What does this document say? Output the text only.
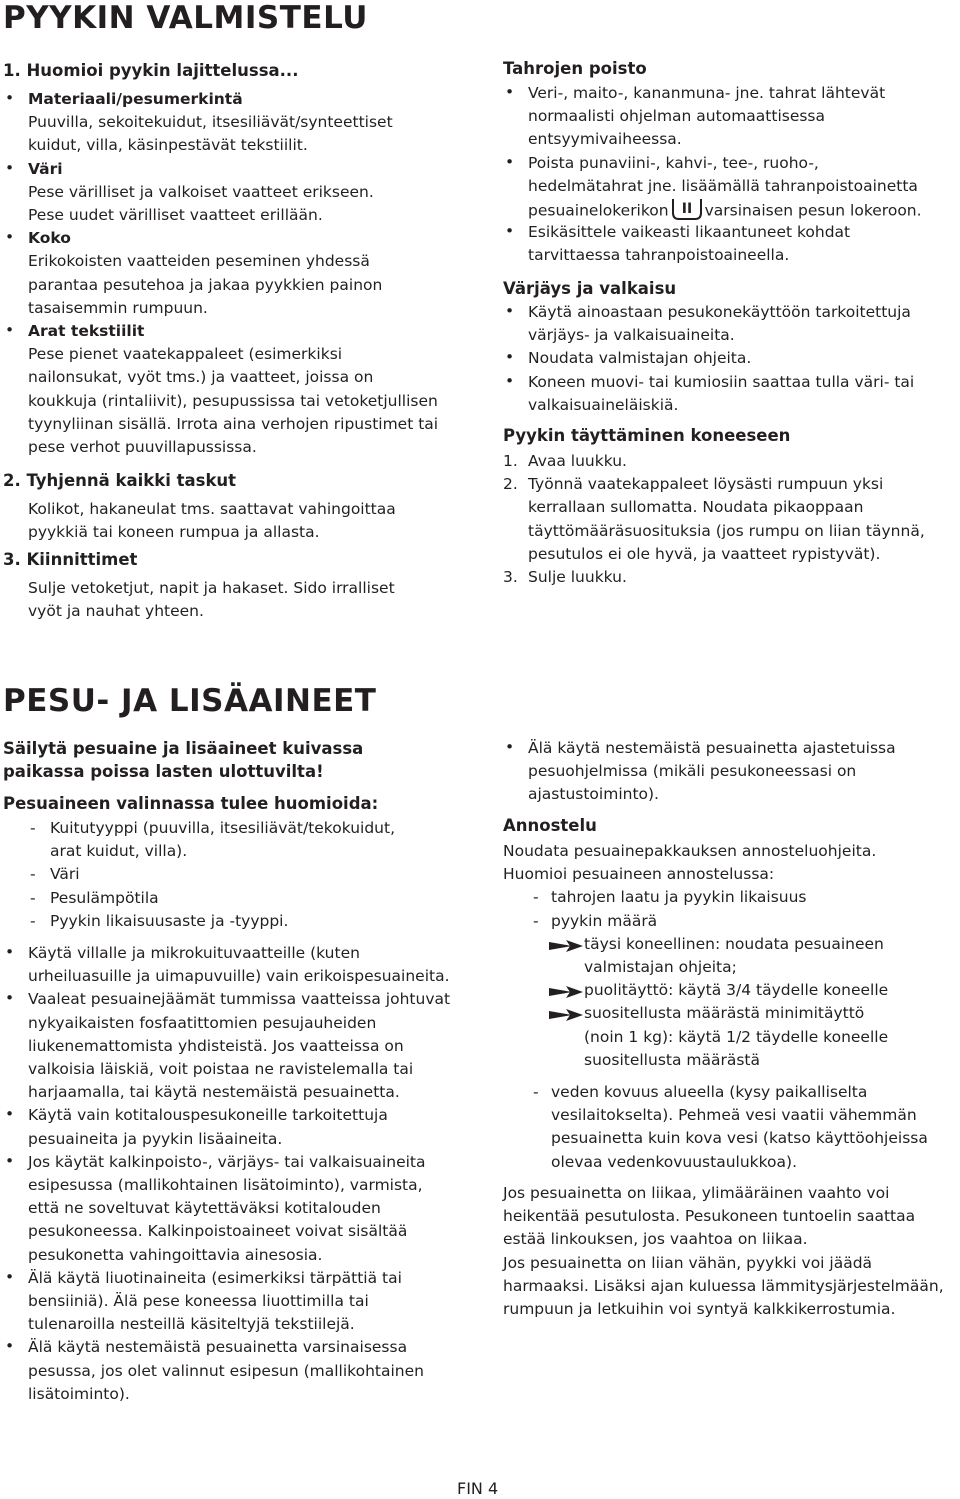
PYYKIN VALMISTELU
1. Huomioi pyykin lajittelussa...
• Materiaali/pesumerkintä
Puuvilla, sekoitekuidut, itsesiliävät/synteettiset
kuidut, villa, käsinpestävät tekstiilit.
• Väri
Pese värilliset ja valkoiset vaatteet erikseen.
Pese uudet värilliset vaatteet erillään.
• Koko
Erikokoisten vaatteiden peseminen yhdessä
parantaa pesutehoa ja jakaa pyykkien painon
tasaisemmin rumpuun.
• Arat tekstiilit
Pese pienet vaatekappaleet (esimerkiksi
nailonsukat, vyöt tms.) ja vaatteet, joissa on
koukkuja (rintaliivit), pesupussissa tai vetoketjullisen
tyynyliinan sisällä. Irrota aina verhojen ripustimet tai
pese verhot puuvillapussissa.
2. Tyhjennä kaikki taskut
Kolikot, hakaneulat tms. saattavat vahingoittaa
pyykkiä tai koneen rumpua ja allasta.
3. Kiinnittimet
Sulje vetoketjut, napit ja hakaset. Sido irralliset
vyöt ja nauhat yhteen.
Tahrojen poisto
• Veri-, maito-, kananmuna- jne. tahrat lähtevät
normaalisti ohjelman automaattisessa
entsyymivaiheessa.
• Poista punaviini-, kahvi-, tee-, ruoho-,
hedelmätahrat jne. lisäämällä tahranpoistoainetta
pesuainelokerikon II varsinaisen pesun lokeroon.
• Esikäsittele vaikeasti likaantuneet kohdat
tarvittaessa tahranpoistoaineella.
Värjäys ja valkaisu
• Käytä ainoastaan pesukonekäyttöön tarkoitettuja
värjäys- ja valkaisuaineita.
• Noudata valmistajan ohjeita.
• Koneen muovi- tai kumiosiin saattaa tulla väri- tai
valkaisuaineläiskiä.
Pyykin täyttäminen koneeseen
1. Avaa luukku.
2. Työnnä vaatekappaleet löysästi rumpuun yksi
kerrallaan sullomatta. Noudata pikaoppaan
täyttömääräsuosituksia (jos rumpu on liian täynnä,
pesutulos ei ole hyvä, ja vaatteet rypistyvät).
3. Sulje luukku.
PESU- JA LISÄAINEET
Säilytä pesuaine ja lisäaineet kuivassa
paikassa poissa lasten ulottuvilta!
Pesuaineen valinnassa tulee huomioida:
- Kuitutyyppi (puuvilla, itsesiliävät/tekokuidut,
arat kuidut, villa).
- Väri
- Pesulämpötila
- Pyykin likaisuusaste ja -tyyppi.
• Käytä villalle ja mikrokuituvaatteille (kuten
urheiluasuille ja uimapuvuille) vain erikoispesuaineita.
• Vaaleat pesuainejäämät tummissa vaatteissa johtuvat
nykyaikaisten fosfaatittomien pesujauheiden
liukenemattomista yhdisteistä. Jos vaatteissa on
valkoisia läiskiä, voit poistaa ne ravistelemalla tai
harjaamalla, tai käytä nestemäistä pesuainetta.
• Käytä vain kotitalouspesukoneille tarkoitettuja
pesuaineita ja pyykin lisäaineita.
• Jos käytät kalkinpoisto-, värjäys- tai valkaisuaineita
esipesussa (mallikohtainen lisätoiminto), varmista,
että ne soveltuvat käytettäväksi kotitalouden
pesukoneessa. Kalkinpoistoaineet voivat sisältää
pesukonetta vahingoittavia ainesosia.
• Älä käytä liuotinaineita (esimerkiksi tärpättiä tai
bensiiniä). Älä pese koneessa liuottimilla tai
tulenaroilla nesteillä käsiteltyjä tekstiilejä.
• Älä käytä nestemäistä pesuainetta varsinaisessa
pesussa, jos olet valinnut esipesun (mallikohtainen
lisätoiminto).
• Älä käytä nestemäistä pesuainetta ajastetuissa
pesuohjelmissa (mikäli pesukoneessasi on
ajastustoiminto).
Annostelu
Noudata pesuainepakkauksen annosteluohjeita.
Huomioi pesuaineen annostelussa:
- tahrojen laatu ja pyykin likaisuus
- pyykin määrä
täysi koneellinen: noudata pesuaineen
valmistajan ohjeita;
puolitäyttö: käytä 3/4 täydelle koneelle
suositellusta määrästä minimitäyttö
(noin 1 kg): käytä 1/2 täydelle koneelle
suositellusta määrästä
- veden kovuus alueella (kysy paikalliselta
vesilaitokselta). Pehmeä vesi vaatii vähemmän
pesuainetta kuin kova vesi (katso käyttöohjeissa
olevaa vedenkovuustaulukkoa).
Jos pesuainetta on liikaa, ylimääräinen vaahto voi
heikentää pesutulosta. Pesukoneen tuntoelin saattaa
estää linkouksen, jos vaahtoa on liikaa.
Jos pesuainetta on liian vähän, pyykki voi jäädä
harmaaksi. Lisäksi ajan kuluessa lämmitysjärjestelmään,
rumpuun ja letkuihin voi syntyä kalkkikerrostumia.
FIN 4
